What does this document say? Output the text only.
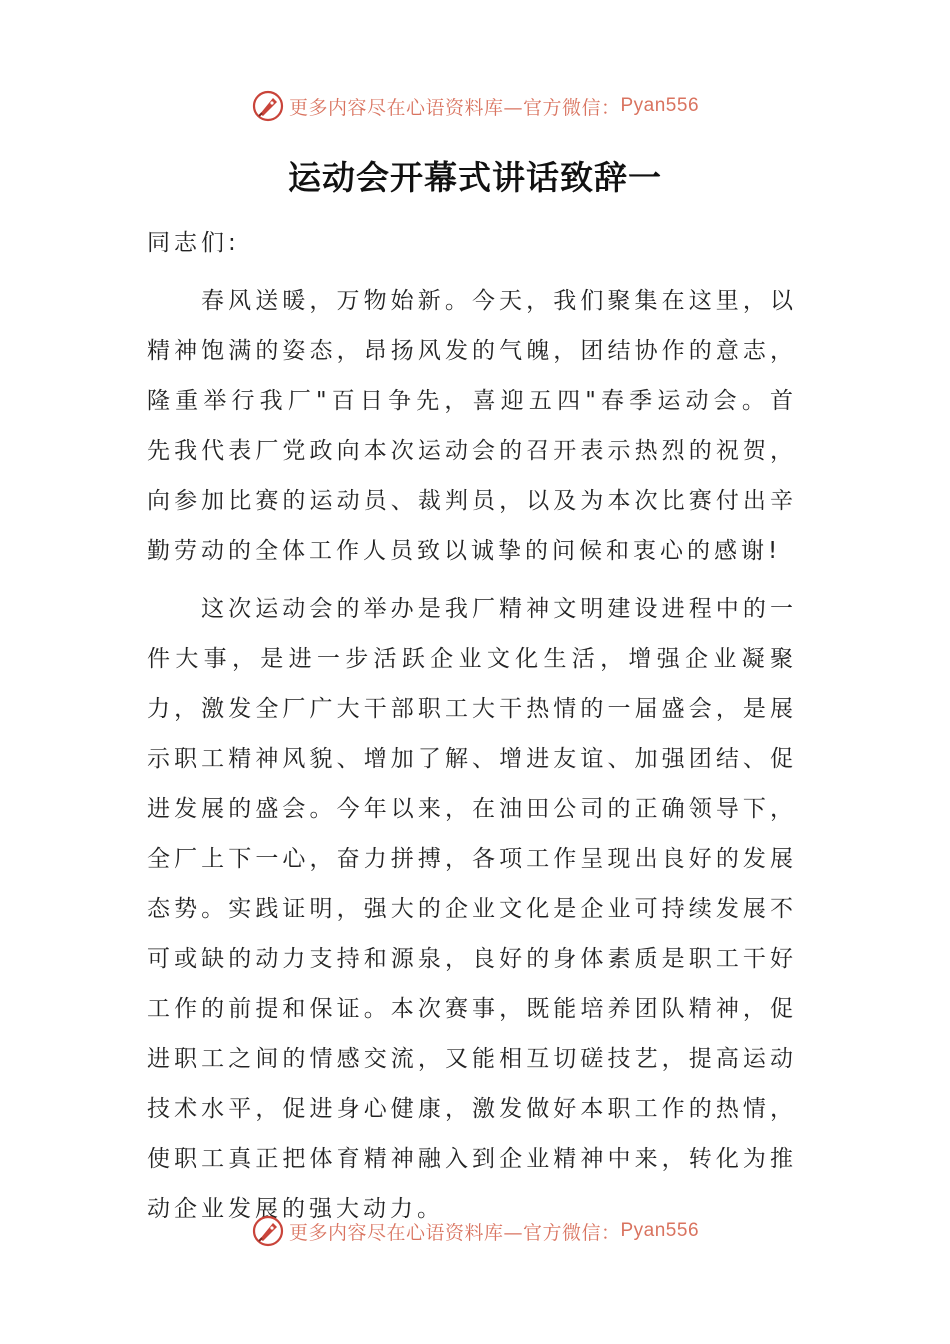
更多内容尽在心语资料库—官方微信： Pyan556
运动会开幕式讲话致辞一

同志们:

春风送暖，万物始新。今天，我们聚集在这里，以精神饱满的姿态，昂扬风发的气魄，团结协作的意志，隆重举行我厂"百日争先，喜迎五四"春季运动会。首先我代表厂党政向本次运动会的召开表示热烈的祝贺，向参加比赛的运动员、裁判员，以及为本次比赛付出辛勤劳动的全体工作人员致以诚挚的问候和衷心的感谢!

这次运动会的举办是我厂精神文明建设进程中的一件大事，是进一步活跃企业文化生活，增强企业凝聚力，激发全厂广大干部职工大干热情的一届盛会，是展示职工精神风貌、增加了解、增进友谊、加强团结、促进发展的盛会。今年以来，在油田公司的正确领导下，全厂上下一心，奋力拼搏，各项工作呈现出良好的发展态势。实践证明，强大的企业文化是企业可持续发展不可或缺的动力支持和源泉，良好的身体素质是职工干好工作的前提和保证。本次赛事，既能培养团队精神，促进职工之间的情感交流，又能相互切磋技艺，提高运动技术水平，促进身心健康，激发做好本职工作的热情，使职工真正把体育精神融入到企业精神中来，转化为推动企业发展的强大动力。

更多内容尽在心语资料库—官方微信： Pyan556
